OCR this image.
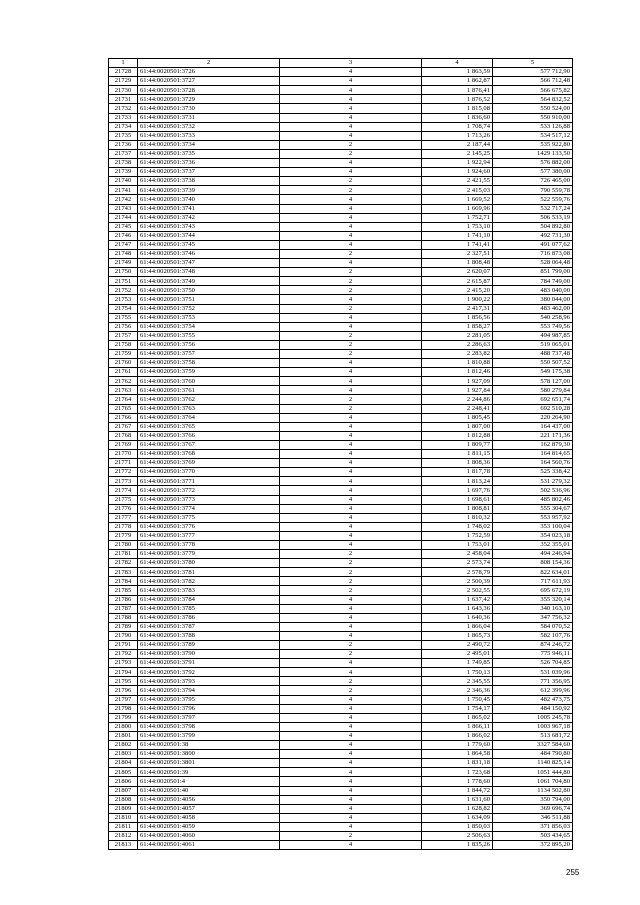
1	2	3	4	5
21728	61:44:0020501:3726	4	1 863,59	577 712,90
21729	61:44:0020501:3727	4	1 862,87	566 712,48
21730	61:44:0020501:3728	4	1 876,41	566 675,82
21731	61:44:0020501:3729	4	1 876,52	564 832,52
21732	61:44:0020501:3730	4	1 815,08	550 524,00
21733	61:44:0020501:3731	4	1 836,60	550 910,00
21734	61:44:0020501:3732	4	1 708,74	533 126,88
21735	61:44:0020501:3733	4	1 713,26	534 517,12
21736	61:44:0020501:3734	2	2 187,44	535 922,80
21737	61:44:0020501:3735	2	2 145,25	1429 133,50
21738	61:44:0020501:3736	4	1 922,94	576 882,00
21739	61:44:0020501:3737	4	1 924,60	577 380,00
21740	61:44:0020501:3738	2	2 421,55	726 465,00
21741	61:44:0020501:3739	2	2 415,03	790 559,78
21742	61:44:0020501:3740	4	1 669,52	522 559,76
21743	61:44:0020501:3741	4	1 669,96	532 717,24
21744	61:44:0020501:3742	4	1 752,71	506 533,19
21745	61:44:0020501:3743	4	1 753,10	504 892,80
21746	61:44:0020501:3744	4	1 741,10	492 731,30
21747	61:44:0020501:3745	4	1 741,41	491 077,62
21748	61:44:0020501:3746	2	2 327,51	716 873,08
21749	61:44:0020501:3747	4	1 808,48	528 064,48
21750	61:44:0020501:3748	2	2 620,07	851 799,00
21751	61:44:0020501:3749	2	2 615,87	784 749,00
21752	61:44:0020501:3750	2	2 415,20	483 040,00
21753	61:44:0020501:3751	4	1 900,22	380 044,00
21754	61:44:0020501:3752	2	2 417,31	483 462,00
21755	61:44:0020501:3753	4	1 856,56	540 258,96
21756	61:44:0020501:3754	4	1 858,27	553 749,56
21757	61:44:0020501:3755	2	2 281,05	494 987,85
21758	61:44:0020501:3756	2	2 286,63	519 065,01
21759	61:44:0020501:3757	2	2 283,82	488 737,48
21760	61:44:0020501:3758	4	1 810,88	550 507,52
21761	61:44:0020501:3759	4	1 812,46	549 175,38
21762	61:44:0020501:3760	4	1 927,09	578 127,00
21763	61:44:0020501:3761	4	1 927,84	580 279,84
21764	61:44:0020501:3762	2	2 244,86	692 651,74
21765	61:44:0020501:3763	2	2 248,41	692 510,28
21766	61:44:0020501:3764	4	1 805,45	220 264,90
21767	61:44:0020501:3765	4	1 807,00	164 437,00
21768	61:44:0020501:3766	4	1 812,88	221 171,36
21769	61:44:0020501:3767	4	1 809,77	162 879,30
21770	61:44:0020501:3768	4	1 811,15	164 814,65
21771	61:44:0020501:3769	4	1 808,36	164 560,76
21772	61:44:0020501:3770	4	1 817,78	525 338,42
21773	61:44:0020501:3771	4	1 813,24	531 279,32
21774	61:44:0020501:3772	4	1 697,76	502 536,96
21775	61:44:0020501:3773	4	1 698,61	485 802,46
21776	61:44:0020501:3774	4	1 808,81	555 304,67
21777	61:44:0020501:3775	4	1 810,32	553 957,92
21778	61:44:0020501:3776	4	1 748,02	353 100,04
21779	61:44:0020501:3777	4	1 752,59	354 023,18
21780	61:44:0020501:3778	4	1 753,01	352 355,01
21781	61:44:0020501:3779	2	2 458,04	494 246,94
21782	61:44:0020501:3780	2	2 573,74	808 154,36
21783	61:44:0020501:3781	2	2 578,79	822 634,01
21784	61:44:0020501:3782	2	2 500,39	717 611,93
21785	61:44:0020501:3783	2	2 502,55	695 672,19
21786	61:44:0020501:3784	4	1 637,42	355 320,14
21787	61:44:0020501:3785	4	1 643,36	340 163,10
21788	61:44:0020501:3786	4	1 640,36	347 756,32
21789	61:44:0020501:3787	4	1 866,04	584 070,52
21790	61:44:0020501:3788	4	1 865,73	582 107,76
21791	61:44:0020501:3789	2	2 490,72	874 246,72
21792	61:44:0020501:3790	2	2 495,01	775 946,11
21793	61:44:0020501:3791	4	1 749,85	526 704,85
21794	61:44:0020501:3792	4	1 750,13	531 039,96
21795	61:44:0020501:3793	2	2 345,55	771 356,95
21796	61:44:0020501:3794	2	2 346,36	612 399,96
21797	61:44:0020501:3795	4	1 750,45	482 473,75
21798	61:44:0020501:3796	4	1 754,17	484 150,92
21799	61:44:0020501:3797	4	1 865,02	1005 245,78
21800	61:44:0020501:3798	4	1 866,11	1003 967,18
21801	61:44:0020501:3799	4	1 866,02	513 681,72
21802	61:44:0020501:38	4	1 779,60	3327 584,60
21803	61:44:0020501:3800	4	1 864,58	484 790,80
21804	61:44:0020501:3801	4	1 831,18	1140 825,14
21805	61:44:0020501:39	4	1 723,68	1051 444,80
21806	61:44:0020501:4	4	1 778,60	1061 704,80
21807	61:44:0020501:40	4	1 844,72	1134 502,80
21808	61:44:0020501:4056	4	1 631,60	350 794,00
21809	61:44:0020501:4057	4	1 628,82	369 696,74
21810	61:44:0020501:4058	4	1 634,09	346 511,88
21811	61:44:0020501:4059	4	1 850,03	371 856,03
21812	61:44:0020501:4060	2	2 506,63	503 434,65
21813	61:44:0020501:4061	4	1 835,26	372 895,20
255
